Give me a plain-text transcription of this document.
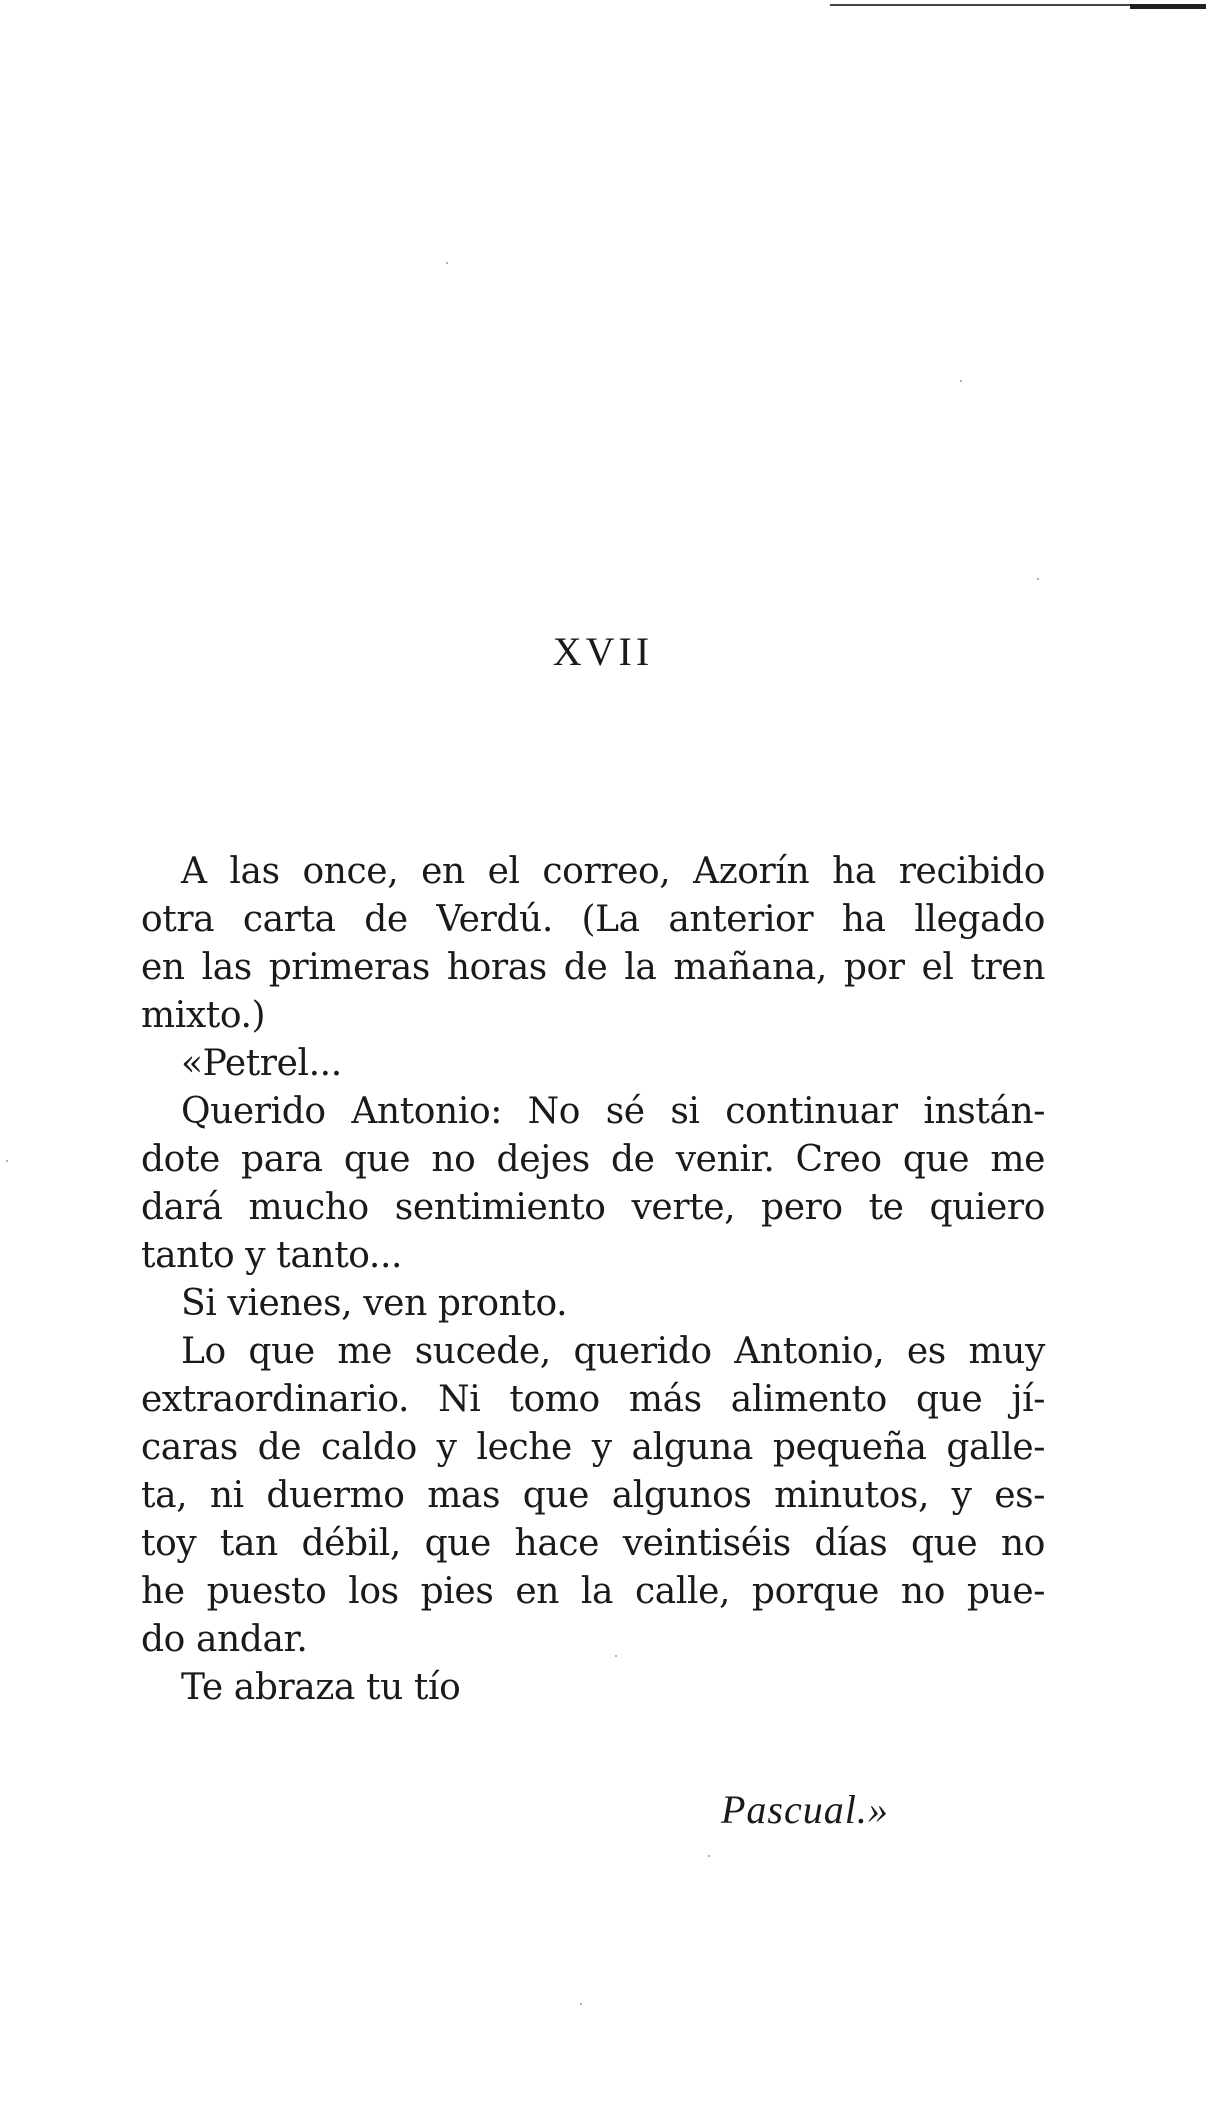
XVII
A las once, en el correo, Azorín ha recibido
otra carta de Verdú. (La anterior ha llegado
en las primeras horas de la mañana, por el tren
mixto.)
«Petrel...
Querido Antonio: No sé si continuar instán-
dote para que no dejes de venir. Creo que me
dará mucho sentimiento verte, pero te quiero
tanto y tanto...
Si vienes, ven pronto.
Lo que me sucede, querido Antonio, es muy
extraordinario. Ni tomo más alimento que jí-
caras de caldo y leche y alguna pequeña galle-
ta, ni duermo mas que algunos minutos, y es-
toy tan débil, que hace veintiséis días que no
he puesto los pies en la calle, porque no pue-
do andar.
Te abraza tu tío
Pascual.»
